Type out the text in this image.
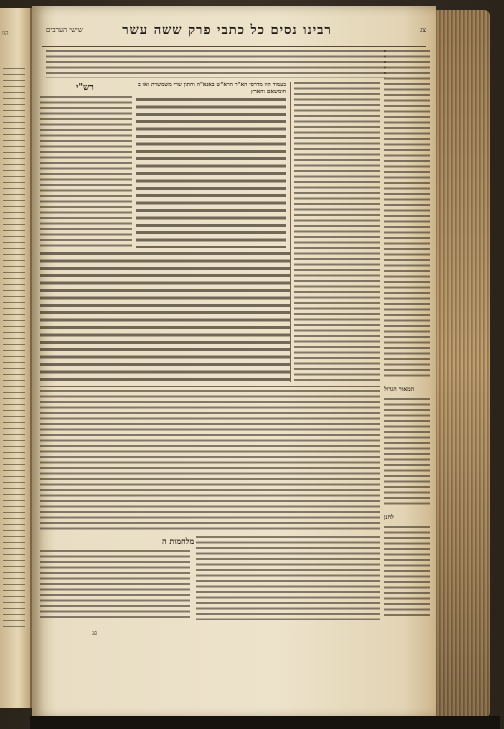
הוו	שישי הערבים	רבינו נסים כל כתבי פרק ששה עשר	צג
רש"י	בעמוד הוו מדרסי הא"ר הרא"ש באנא"ה וחתון שרי משמשרת ואו בחומשאם והארץ
המאור הגדול
לחנן
מלחמות ה
פג
